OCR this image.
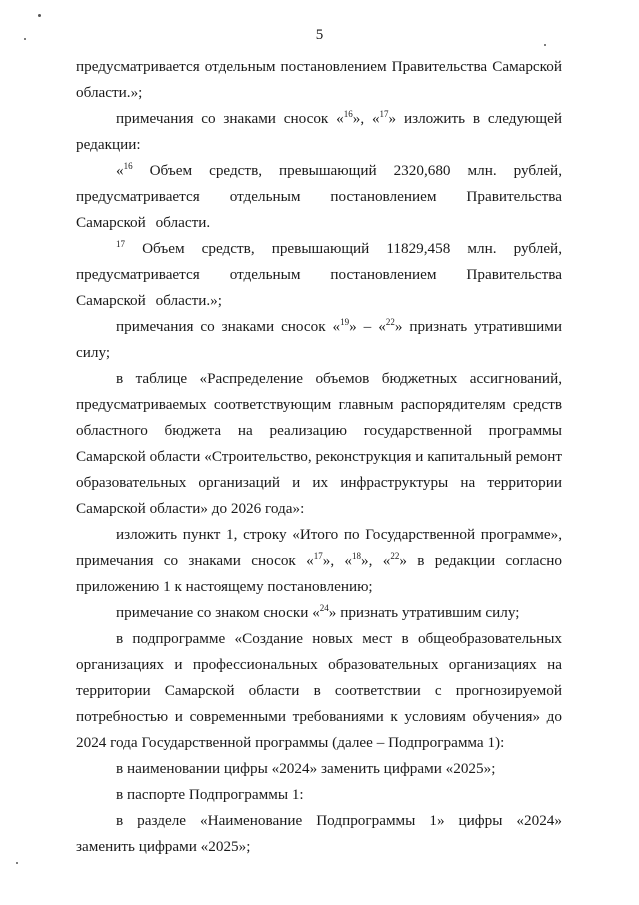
5

предусматривается отдельным постановлением Правительства Самарской области.»;

примечания со знаками сносок «$^{16}$», «$^{17}$» изложить в следующей редакции:

«$^{16}$ Объем средств, превышающий 2320,680 млн. рублей, предусматривается отдельным постановлением Правительства Самарской области.

$^{17}$ Объем средств, превышающий 11829,458 млн. рублей, предусматривается отдельным постановлением Правительства Самарской области.»;

примечания со знаками сносок «$^{19}$» – «$^{22}$» признать утратившими силу;

в таблице «Распределение объемов бюджетных ассигнований, предусматриваемых соответствующим главным распорядителям средств областного бюджета на реализацию государственной программы Самарской области «Строительство, реконструкция и капитальный ремонт образовательных организаций и их инфраструктуры на территории Самарской области» до 2026 года»:

изложить пункт 1, строку «Итого по Государственной программе», примечания со знаками сносок «$^{17}$», «$^{18}$», «$^{22}$» в редакции согласно приложению 1 к настоящему постановлению;

примечание со знаком сноски «$^{24}$» признать утратившим силу;

в подпрограмме «Создание новых мест в общеобразовательных организациях и профессиональных образовательных организациях на территории Самарской области в соответствии с прогнозируемой потребностью и современными требованиями к условиям обучения» до 2024 года Государственной программы (далее – Подпрограмма 1):

в наименовании цифры «2024» заменить цифрами «2025»;

в паспорте Подпрограммы 1:

в разделе «Наименование Подпрограммы 1» цифры «2024» заменить цифрами «2025»;
